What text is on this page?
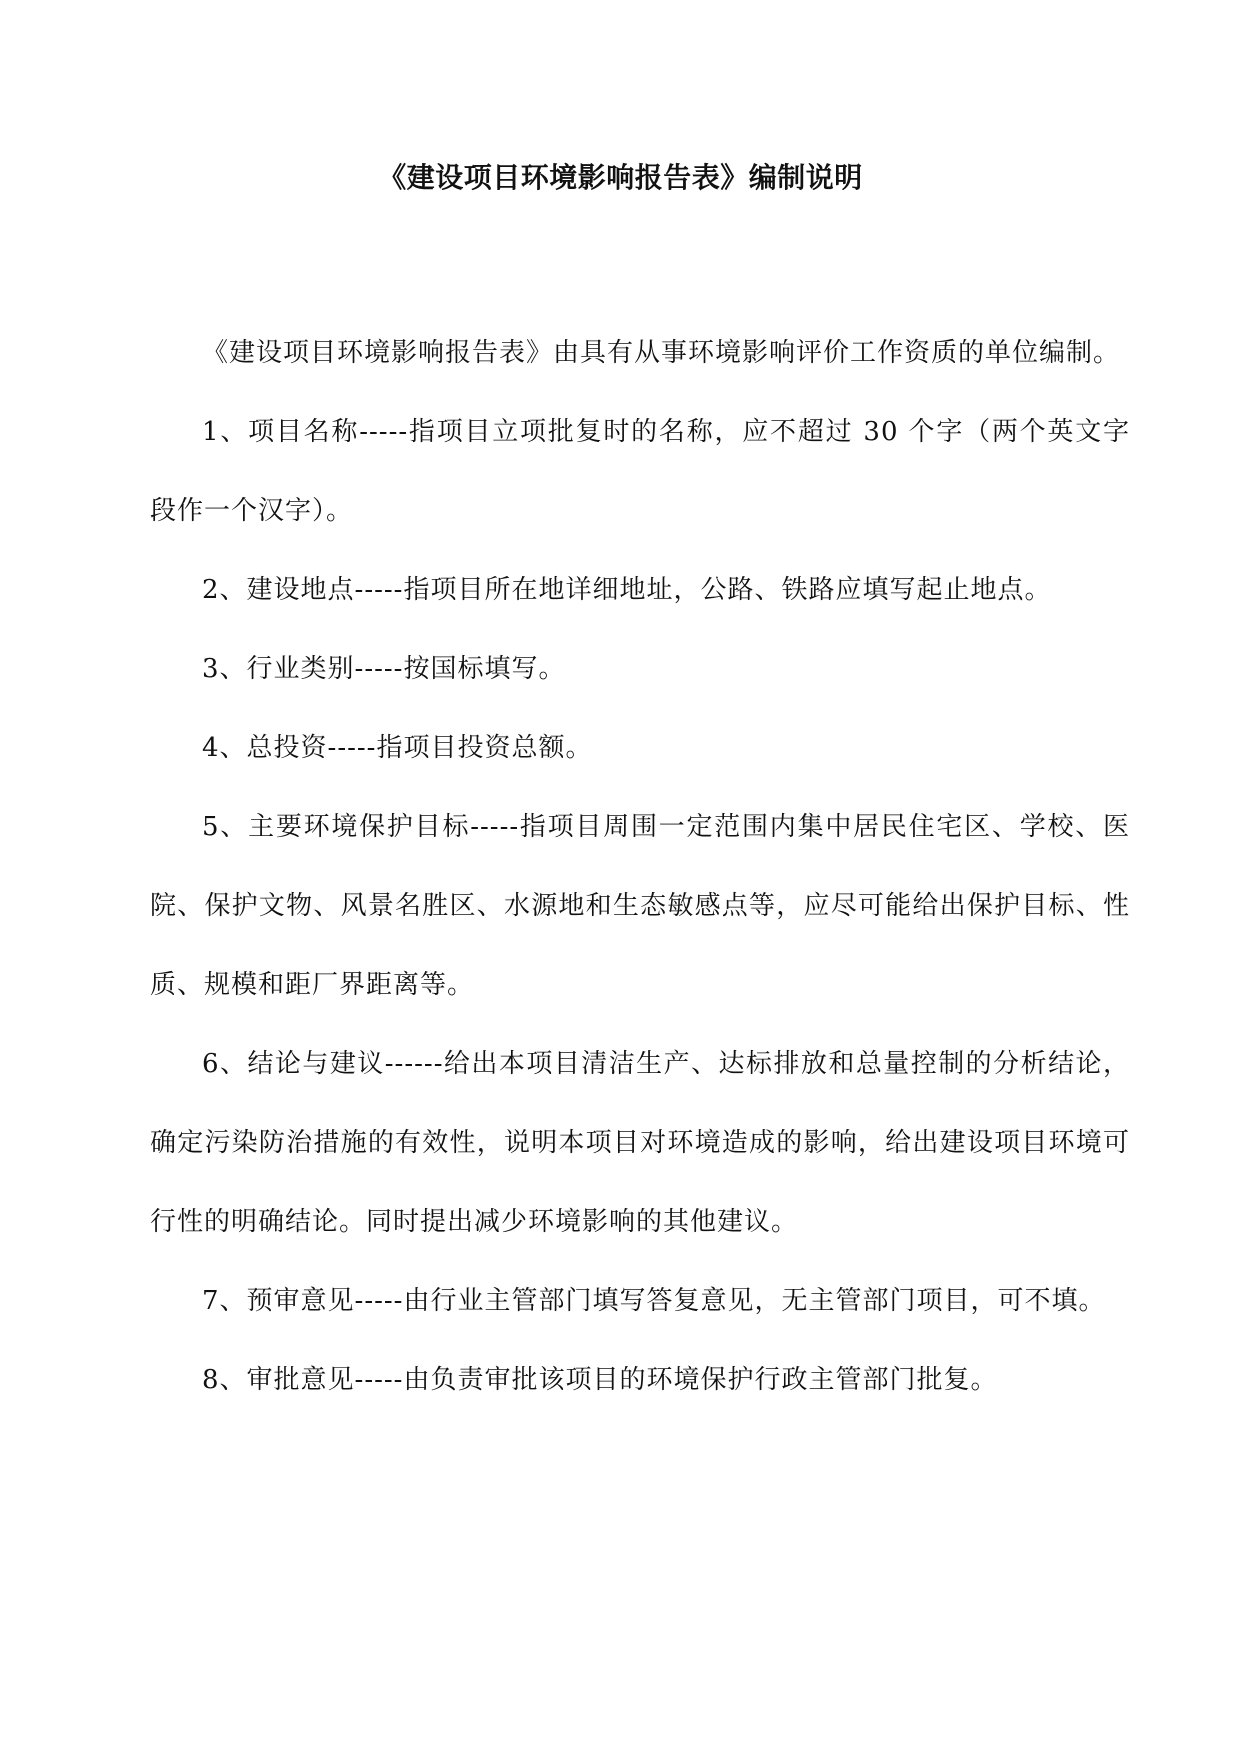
《建设项目环境影响报告表》编制说明

《建设项目环境影响报告表》由具有从事环境影响评价工作资质的单位编制。

1、项目名称-----指项目立项批复时的名称，应不超过 30 个字（两个英文字段作一个汉字）。

2、建设地点-----指项目所在地详细地址，公路、铁路应填写起止地点。

3、行业类别-----按国标填写。

4、总投资-----指项目投资总额。

5、主要环境保护目标-----指项目周围一定范围内集中居民住宅区、学校、医院、保护文物、风景名胜区、水源地和生态敏感点等，应尽可能给出保护目标、性质、规模和距厂界距离等。

6、结论与建议------给出本项目清洁生产、达标排放和总量控制的分析结论，确定污染防治措施的有效性，说明本项目对环境造成的影响，给出建设项目环境可行性的明确结论。同时提出减少环境影响的其他建议。

7、预审意见-----由行业主管部门填写答复意见，无主管部门项目，可不填。

8、审批意见-----由负责审批该项目的环境保护行政主管部门批复。
